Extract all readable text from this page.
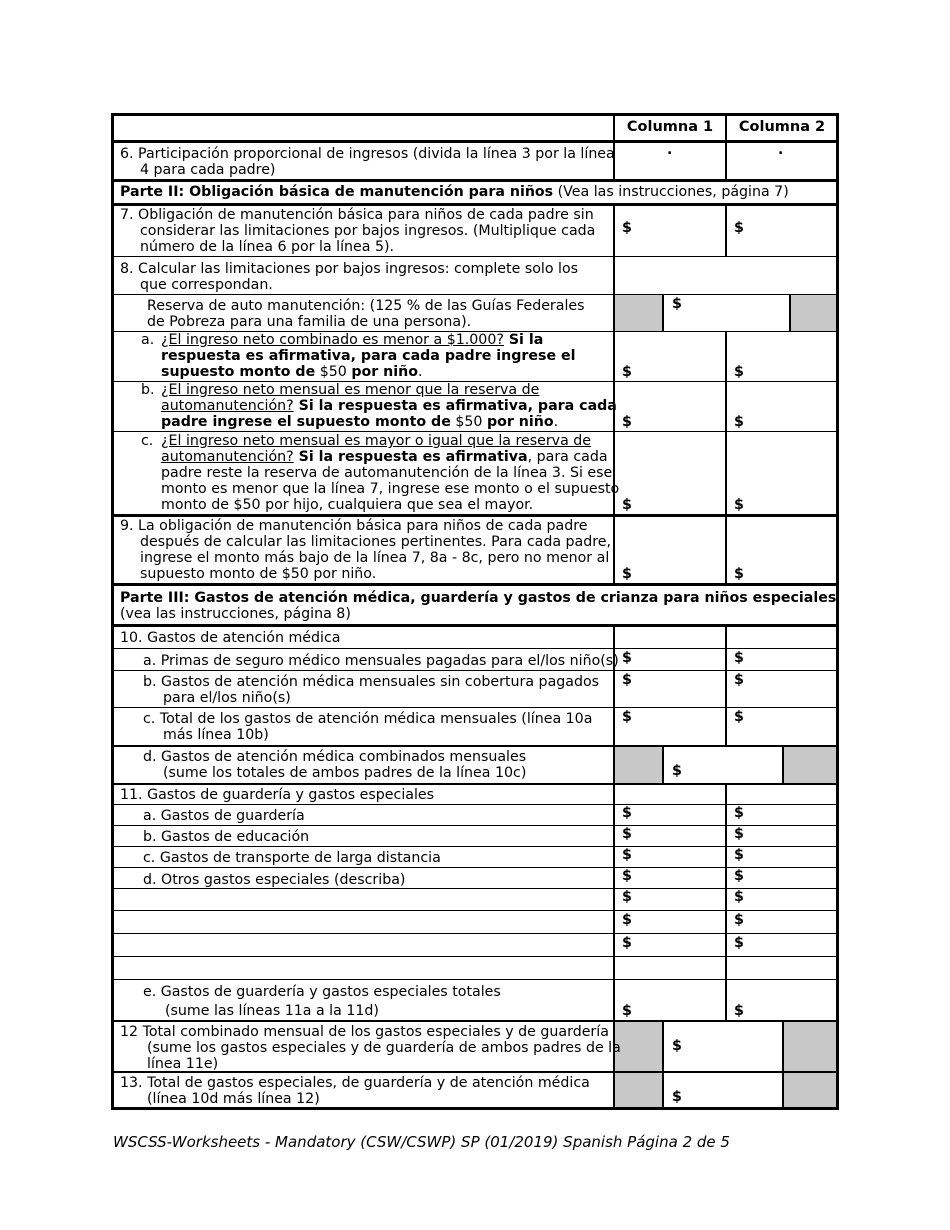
Columna 1	Columna 2
6. Participación proporcional de ingresos (divida la línea 3 por la línea
4 para cada padre)
.	.
Parte II: Obligación básica de manutención para niños (Vea las instrucciones, página 7)
7. Obligación de manutención básica para niños de cada padre sin
considerar las limitaciones por bajos ingresos. (Multiplique cada
número de la línea 6 por la línea 5).
$	$
8. Calcular las limitaciones por bajos ingresos: complete solo los
que correspondan.
Reserva de auto manutención: (125 % de las Guías Federales
de Pobreza para una familia de una persona).
$
a. ¿El ingreso neto combinado es menor a $1.000? Si la
respuesta es afirmativa, para cada padre ingrese el
supuesto monto de $50 por niño.	$	$
b. ¿El ingreso neto mensual es menor que la reserva de
automanutención? Si la respuesta es afirmativa, para cada
padre ingrese el supuesto monto de $50 por niño.	$	$
c. ¿El ingreso neto mensual es mayor o igual que la reserva de
automanutención? Si la respuesta es afirmativa, para cada
padre reste la reserva de automanutención de la línea 3. Si ese
monto es menor que la línea 7, ingrese ese monto o el supuesto
monto de $50 por hijo, cualquiera que sea el mayor.	$	$
9. La obligación de manutención básica para niños de cada padre
después de calcular las limitaciones pertinentes. Para cada padre,
ingrese el monto más bajo de la línea 7, 8a - 8c, pero no menor al
supuesto monto de $50 por niño.	$	$
Parte III: Gastos de atención médica, guardería y gastos de crianza para niños especiales
(vea las instrucciones, página 8)
10. Gastos de atención médica
a. Primas de seguro médico mensuales pagadas para el/los niño(s) $	$
b. Gastos de atención médica mensuales sin cobertura pagados
para el/los niño(s)
$	$
c. Total de los gastos de atención médica mensuales (línea 10a
más línea 10b)
$	$
d. Gastos de atención médica combinados mensuales
(sume los totales de ambos padres de la línea 10c)	$
11. Gastos de guardería y gastos especiales
a. Gastos de guardería	$	$
b. Gastos de educación	$	$
c. Gastos de transporte de larga distancia	$	$
d. Otros gastos especiales (describa)	$	$
$	$
$	$
$	$
e. Gastos de guardería y gastos especiales totales
(sume las líneas 11a a la 11d)	$	$
12 Total combinado mensual de los gastos especiales y de guardería
(sume los gastos especiales y de guardería de ambos padres de la
línea 11e)
$
13. Total de gastos especiales, de guardería y de atención médica
(línea 10d más línea 12)	$
WSCSS-Worksheets - Mandatory (CSW/CSWP) SP (01/2019) Spanish Página 2 de 5
